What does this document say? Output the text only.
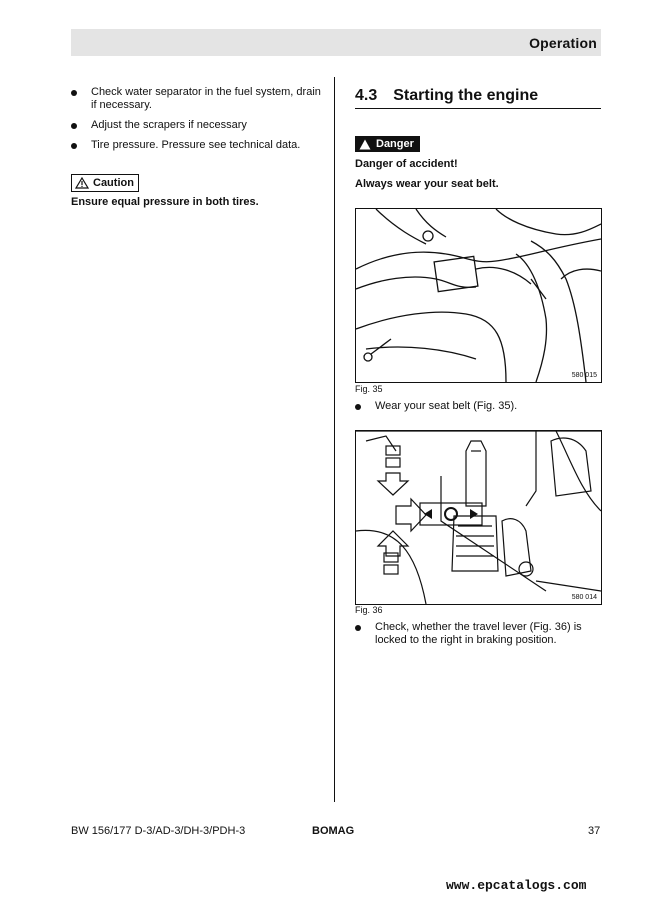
Operation
Check water separator in the fuel system, drain if necessary.
Adjust the scrapers if necessary
Tire pressure. Pressure see technical data.
Caution
Ensure equal pressure in both tires.
4.3 Starting the engine
Danger
Danger of accident!
Always wear your seat belt.
580 015
Fig. 35
Wear your seat belt (Fig. 35).
580 014
Fig. 36
Check, whether the travel lever (Fig. 36) is locked to the right in braking position.
BW 156/177 D-3/AD-3/DH-3/PDH-3	BOMAG	37
www.epcatalogs.com
